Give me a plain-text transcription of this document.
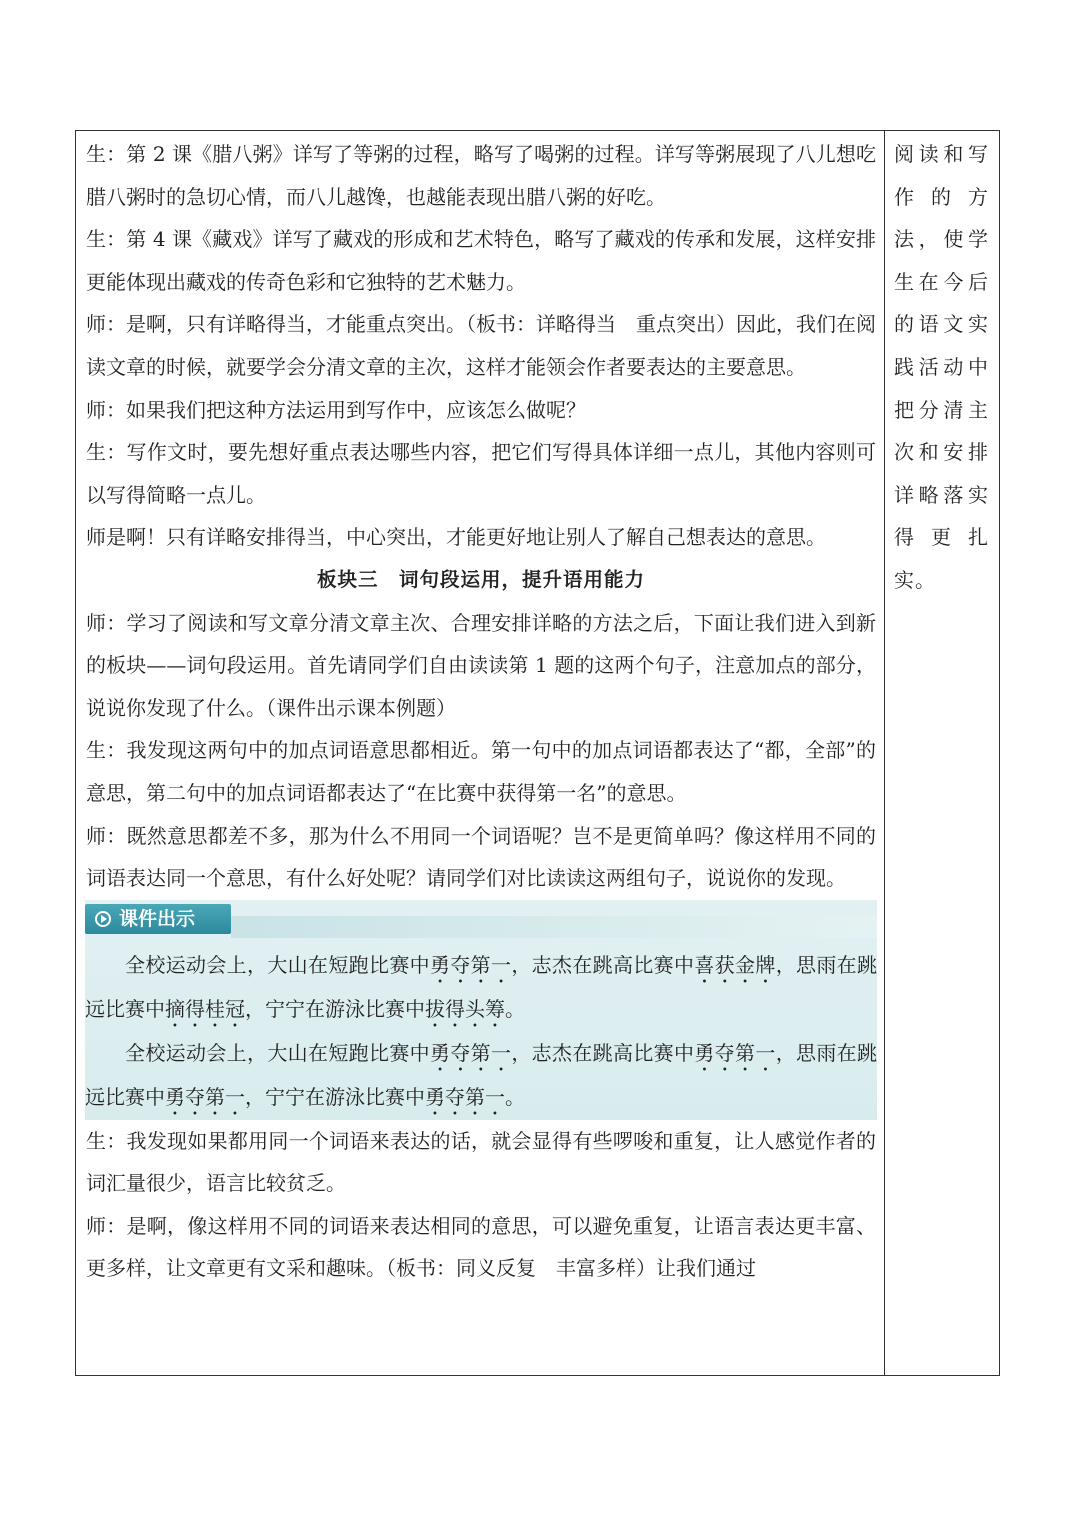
生：第 2 课《腊八粥》详写了等粥的过程，略写了喝粥的过程。详写等粥展现了八儿想吃腊八粥时的急切心情，而八儿越馋，也越能表现出腊八粥的好吃。

生：第 4 课《藏戏》详写了藏戏的形成和艺术特色，略写了藏戏的传承和发展，这样安排更能体现出藏戏的传奇色彩和它独特的艺术魅力。

师：是啊，只有详略得当，才能重点突出。（板书：详略得当　重点突出）因此，我们在阅读文章的时候，就要学会分清文章的主次，这样才能领会作者要表达的主要意思。

师：如果我们把这种方法运用到写作中，应该怎么做呢？

生：写作文时，要先想好重点表达哪些内容，把它们写得具体详细一点儿，其他内容则可以写得简略一点儿。

师是啊！只有详略安排得当，中心突出，才能更好地让别人了解自己想表达的意思。

板块三　词句段运用，提升语用能力

师：学习了阅读和写文章分清文章主次、合理安排详略的方法之后，下面让我们进入到新的板块——词句段运用。首先请同学们自由读读第 1 题的这两个句子，注意加点的部分，说说你发现了什么。（课件出示课本例题）

生：我发现这两句中的加点词语意思都相近。第一句中的加点词语都表达了“都，全部”的意思，第二句中的加点词语都表达了“在比赛中获得第一名”的意思。

师：既然意思都差不多，那为什么不用同一个词语呢？岂不是更简单吗？像这样用不同的词语表达同一个意思，有什么好处呢？请同学们对比读读这两组句子，说说你的发现。

课件出示

全校运动会上，大山在短跑比赛中勇夺第一，志杰在跳高比赛中喜获金牌，思雨在跳远比赛中摘得桂冠，宁宁在游泳比赛中拔得头筹。

全校运动会上，大山在短跑比赛中勇夺第一，志杰在跳高比赛中勇夺第一，思雨在跳远比赛中勇夺第一，宁宁在游泳比赛中勇夺第一。

生：我发现如果都用同一个词语来表达的话，就会显得有些啰唆和重复，让人感觉作者的词汇量很少，语言比较贫乏。

师：是啊，像这样用不同的词语来表达相同的意思，可以避免重复，让语言表达更丰富、更多样，让文章更有文采和趣味。（板书：同义反复　丰富多样）让我们通过

阅读和写作的方法，使学生在今后的语文实践活动中把分清主次和安排详略落实得更扎实。
